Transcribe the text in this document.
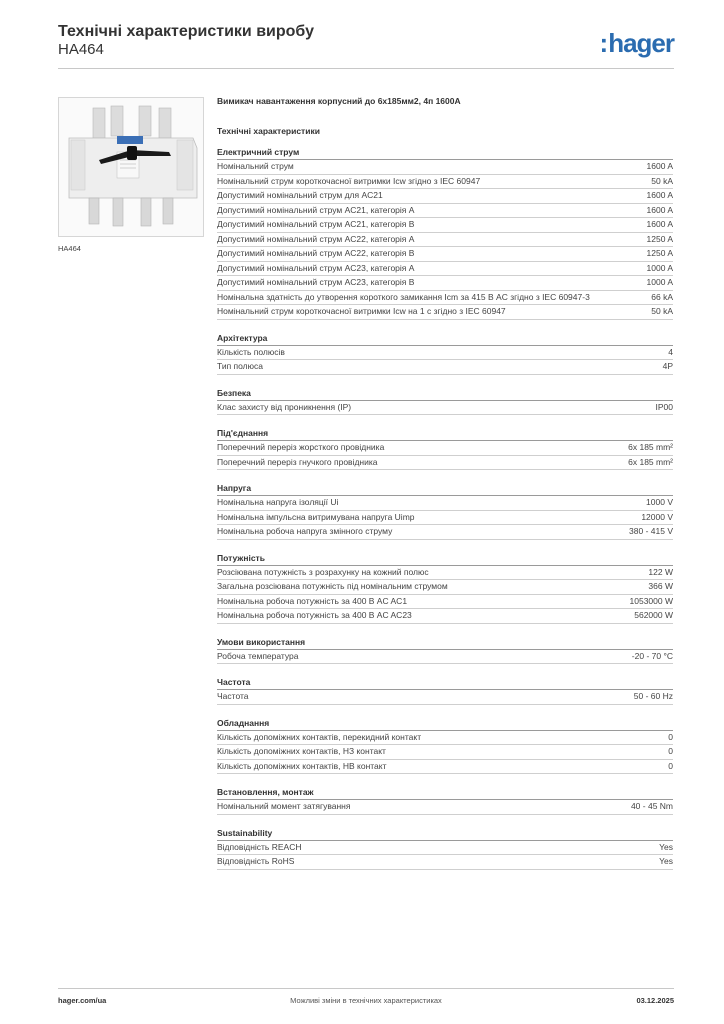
Технічні характеристики виробу
HA464	:hager
HA464
Вимикач навантаження корпусний до 6х185мм2, 4п 1600А
Технічні характеристики
Електричний струм
Номінальний струм	1600 A
Номінальний струм короткочасної витримки Icw згідно з IEC 60947	50 kA
Допустимий номінальний струм для AC21	1600 A
Допустимий номінальний струм AC21, категорія A	1600 A
Допустимий номінальний струм AC21, категорія B	1600 A
Допустимий номінальний струм AC22, категорія A	1250 A
Допустимий номінальний струм AC22, категорія B	1250 A
Допустимий номінальний струм AC23, категорія A	1000 A
Допустимий номінальний струм AC23, категорія B	1000 A
Номінальна здатність до утворення короткого замикання Icm за 415 В AC згідно з IEC 60947-3	66 kA
Номінальний струм короткочасної витримки Icw на 1 с згідно з IEC 60947	50 kA
Архітектура
Кількість полюсів	4
Тип полюса	4P
Безпека
Клас захисту від проникнення (IP)	IP00
Під'єднання
Поперечний переріз жорсткого провідника	6x 185 mm²
Поперечний переріз гнучкого провідника	6x 185 mm²
Напруга
Номінальна напруга ізоляції Ui	1000 V
Номінальна імпульсна витримувана напруга Uimp	12000 V
Номінальна робоча напруга змінного струму	380 - 415 V
Потужність
Розсіювана потужність з розрахунку на кожний полюс	122 W
Загальна розсіювана потужність під номінальним струмом	366 W
Номінальна робоча потужність за 400 В AC AC1	1053000 W
Номінальна робоча потужність за 400 В AC AC23	562000 W
Умови використання
Робоча температура	-20 - 70 °C
Частота
Частота	50 - 60 Hz
Обладнання
Кількість допоміжних контактів, перекидний контакт	0
Кількість допоміжних контактів, НЗ контакт	0
Кількість допоміжних контактів, НВ контакт	0
Встановлення, монтаж
Номінальний момент затягування	40 - 45 Nm
Sustainability
Відповідність REACH	Yes
Відповідність RoHS	Yes
hager.com/ua	Можливі зміни в технічних характеристиках	03.12.2025
